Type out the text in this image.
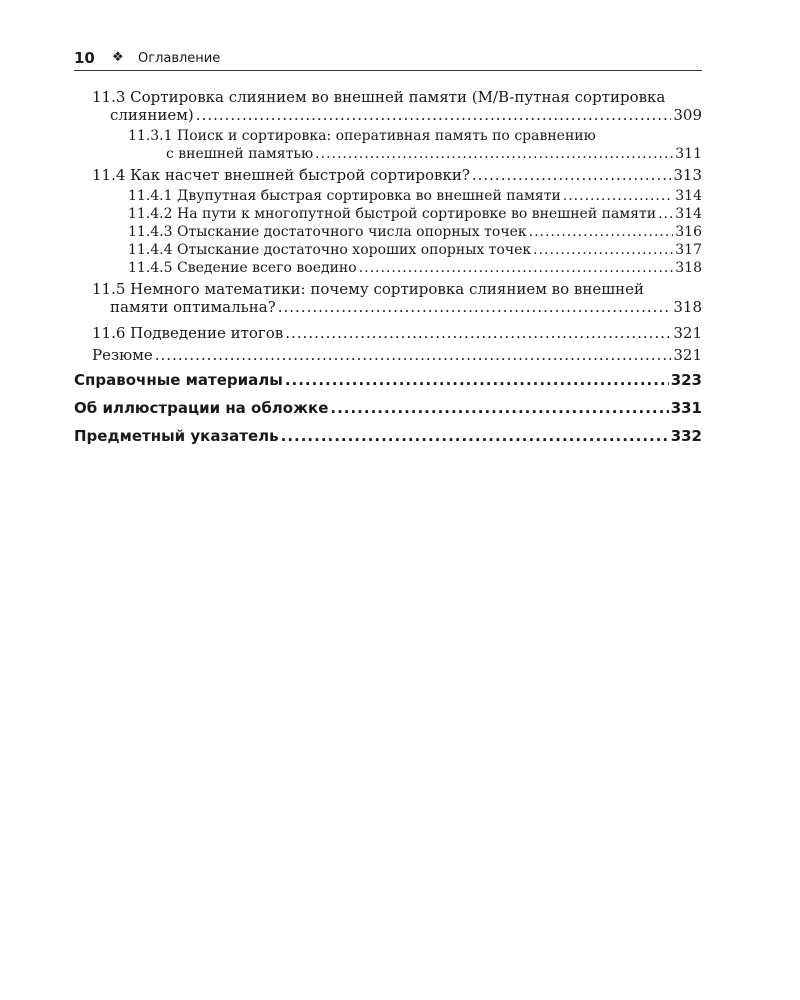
10 ❖ Оглавление
11.3 Сортировка слиянием во внешней памяти (M/B-путная сортировка
слиянием) .....	309
11.3.1 Поиск и сортировка: оперативная память по сравнению
с внешней памятью .....	311
11.4 Как насчет внешней быстрой сортировки? .....	313
11.4.1 Двупутная быстрая сортировка во внешней памяти .....	314
11.4.2 На пути к многопутной быстрой сортировке во внешней памяти ..... 314
11.4.3 Отыскание достаточного числа опорных точек .....	316
11.4.4 Отыскание достаточно хороших опорных точек .....	317
11.4.5 Сведение всего воедино .....	318
11.5 Немного математики: почему сортировка слиянием во внешней
памяти оптимальна? .....	318
11.6 Подведение итогов .....	321
Резюме .....	321
Справочные материалы .....	323
Об иллюстрации на обложке .....	331
Предметный указатель .....	332
